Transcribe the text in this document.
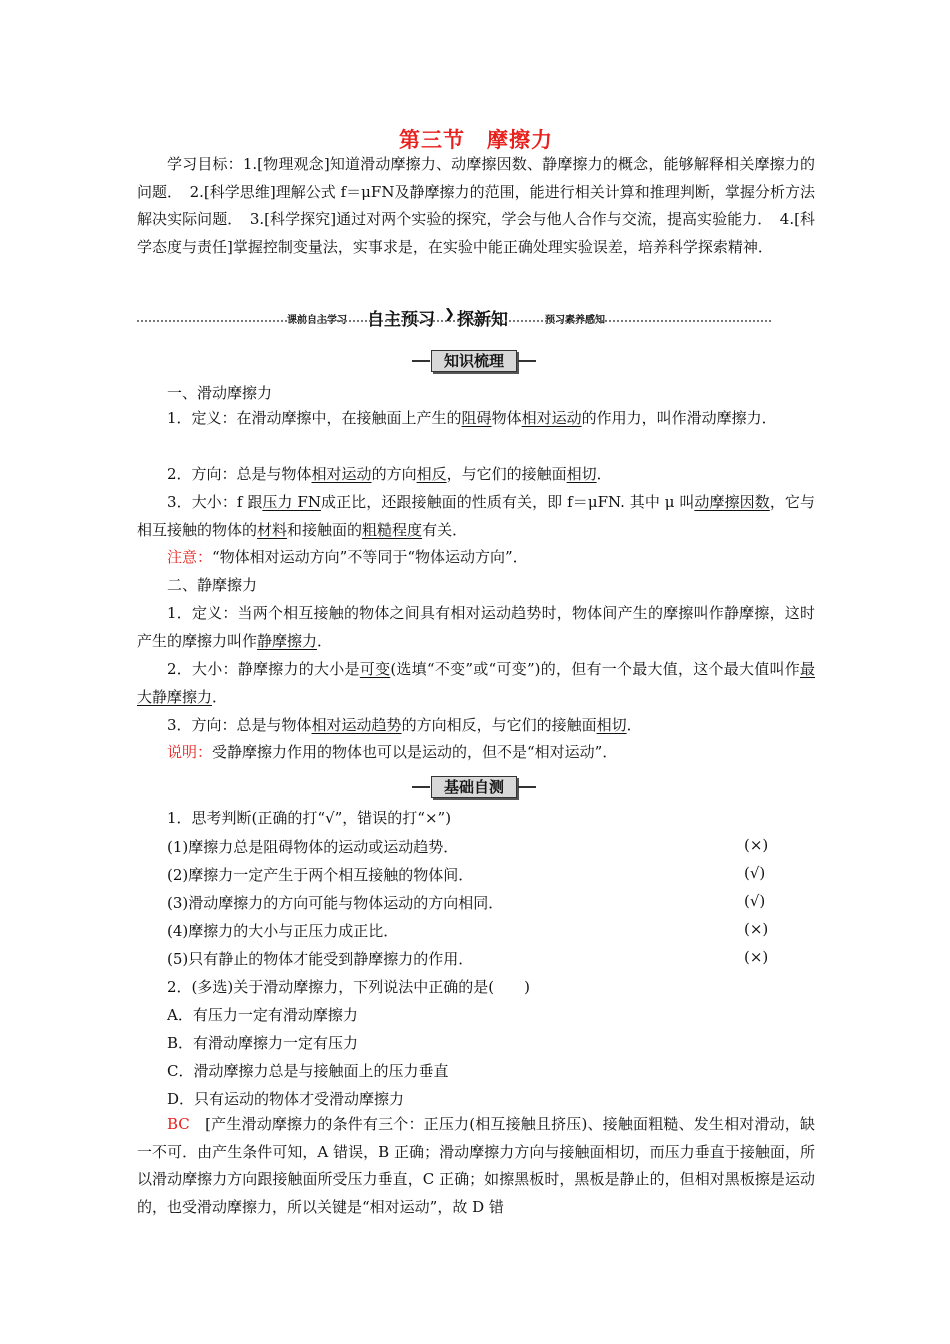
第三节　摩擦力
学习目标：1.[物理观念]知道滑动摩擦力、动摩擦因数、静摩擦力的概念，能够解释相关摩擦力的问题．　2.[科学思维]理解公式 f＝μFN及静摩擦力的范围，能进行相关计算和推理判断，掌握分析方法解决实际问题．　3.[科学探究]通过对两个实验的探究，学会与他人合作与交流，提高实验能力．　4.[科学态度与责任]掌握控制变量法，实事求是，在实验中能正确处理实验误差，培养科学探索精神．
课前自主学习 自主预习 ❯ 探新知	预习素养感知
知识梳理
一、滑动摩擦力
1．定义：在滑动摩擦中，在接触面上产生的阻碍物体相对运动的作用力，叫作滑动摩擦力．
2．方向：总是与物体相对运动的方向相反，与它们的接触面相切．
3．大小：f 跟压力 FN成正比，还跟接触面的性质有关，即 f＝μFN. 其中 μ 叫动摩擦因数，它与相互接触的物体的材料和接触面的粗糙程度有关．
注意：“物体相对运动方向”不等同于“物体运动方向”．
二、静摩擦力
1．定义：当两个相互接触的物体之间具有相对运动趋势时，物体间产生的摩擦叫作静摩擦，这时产生的摩擦力叫作静摩擦力．
2．大小：静摩擦力的大小是可变(选填“不变”或“可变”)的，但有一个最大值，这个最大值叫作最大静摩擦力．
3．方向：总是与物体相对运动趋势的方向相反，与它们的接触面相切．
说明：受静摩擦力作用的物体也可以是运动的，但不是“相对运动”．
基础自测
1．思考判断(正确的打“√”，错误的打“×”)
(1)摩擦力总是阻碍物体的运动或运动趋势．	(×)
(2)摩擦力一定产生于两个相互接触的物体间．	(√)
(3)滑动摩擦力的方向可能与物体运动的方向相同．	(√)
(4)摩擦力的大小与正压力成正比．	(×)
(5)只有静止的物体才能受到静摩擦力的作用．	(×)
2．(多选)关于滑动摩擦力，下列说法中正确的是(　　)
A．有压力一定有滑动摩擦力
B．有滑动摩擦力一定有压力
C．滑动摩擦力总是与接触面上的压力垂直
D．只有运动的物体才受滑动摩擦力
BC　 [产生滑动摩擦力的条件有三个：正压力(相互接触且挤压)、接触面粗糙、发生相对滑动，缺一不可．由产生条件可知，A 错误，B 正确；滑动摩擦力方向与接触面相切，而压力垂直于接触面，所以滑动摩擦力方向跟接触面所受压力垂直，C 正确；如擦黑板时，黑板是静止的，但相对黑板擦是运动的，也受滑动摩擦力，所以关键是“相对运动”，故 D 错
